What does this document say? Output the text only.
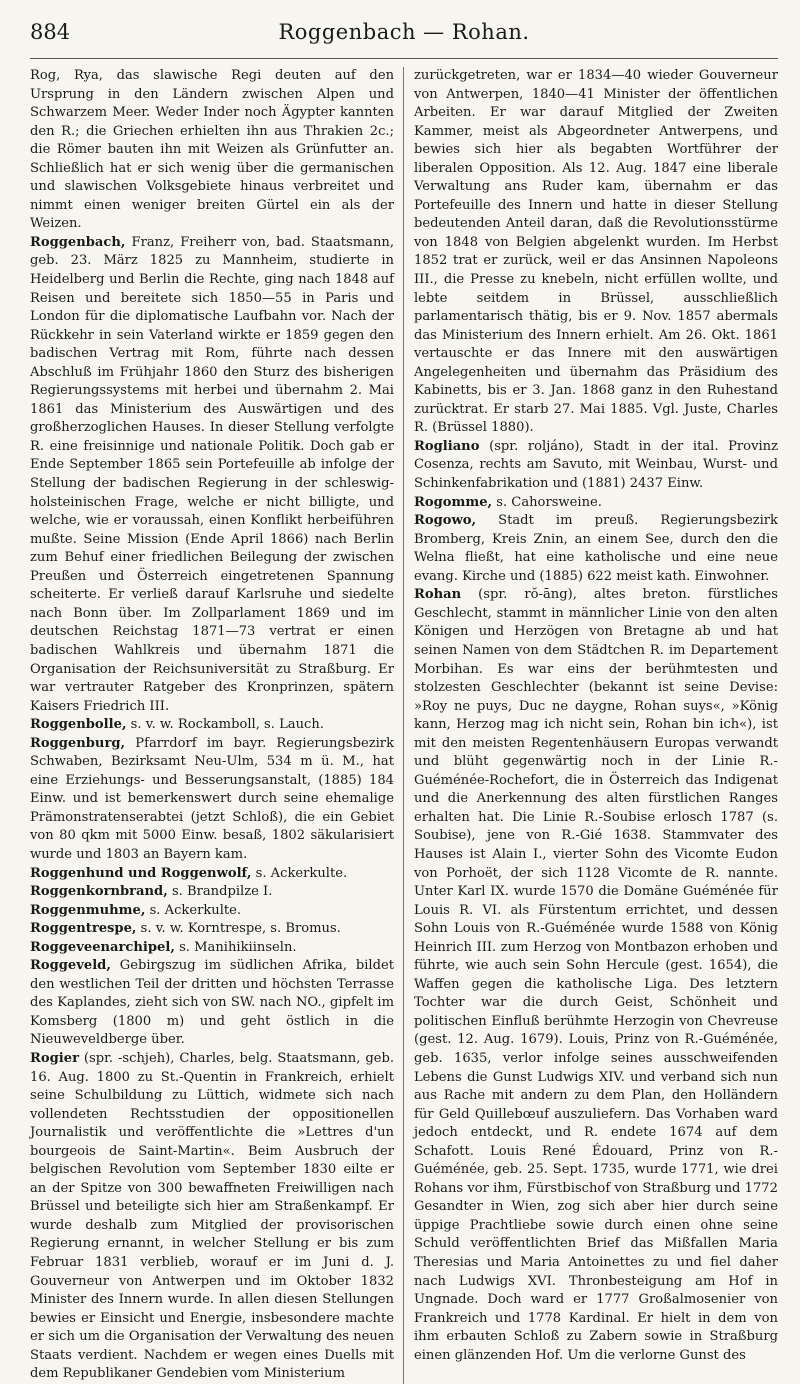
884	Roggenbach — Rohan.

Rog, Rya, das slawische Regi deuten auf den Ursprung in den Ländern zwischen Alpen und Schwarzem Meer. Weder Inder noch Ägypter kannten den R.; die Griechen erhielten ihn aus Thrakien 2c.; die Römer bauten ihn mit Weizen als Grünfutter an. Schließlich hat er sich wenig über die germanischen und slawischen Volksgebiete hinaus verbreitet und nimmt einen weniger breiten Gürtel ein als der Weizen.

Roggenbach, Franz, Freiherr von, bad. Staatsmann, geb. 23. März 1825 zu Mannheim, studierte in Heidelberg und Berlin die Rechte, ging nach 1848 auf Reisen und bereitete sich 1850—55 in Paris und London für die diplomatische Laufbahn vor. Nach der Rückkehr in sein Vaterland wirkte er 1859 gegen den badischen Vertrag mit Rom, führte nach dessen Abschluß im Frühjahr 1860 den Sturz des bisherigen Regierungssystems mit herbei und übernahm 2. Mai 1861 das Ministerium des Auswärtigen und des großherzoglichen Hauses. In dieser Stellung verfolgte R. eine freisinnige und nationale Politik. Doch gab er Ende September 1865 sein Portefeuille ab infolge der Stellung der badischen Regierung in der schleswig-holsteinischen Frage, welche er nicht billigte, und welche, wie er voraussah, einen Konflikt herbeiführen mußte. Seine Mission (Ende April 1866) nach Berlin zum Behuf einer friedlichen Beilegung der zwischen Preußen und Österreich eingetretenen Spannung scheiterte. Er verließ darauf Karlsruhe und siedelte nach Bonn über. Im Zollparlament 1869 und im deutschen Reichstag 1871—73 vertrat er einen badischen Wahlkreis und übernahm 1871 die Organisation der Reichsuniversität zu Straßburg. Er war vertrauter Ratgeber des Kronprinzen, spätern Kaisers Friedrich III.

Roggenbolle, s. v. w. Rockamboll, s. Lauch.

Roggenburg, Pfarrdorf im bayr. Regierungsbezirk Schwaben, Bezirksamt Neu-Ulm, 534 m ü. M., hat eine Erziehungs- und Besserungsanstalt, (1885) 184 Einw. und ist bemerkenswert durch seine ehemalige Prämonstratenserabtei (jetzt Schloß), die ein Gebiet von 80 qkm mit 5000 Einw. besaß, 1802 säkularisiert wurde und 1803 an Bayern kam.

Roggenhund und Roggenwolf, s. Ackerkulte.

Roggenkornbrand, s. Brandpilze I.

Roggenmuhme, s. Ackerkulte.

Roggentrespe, s. v. w. Korntrespe, s. Bromus.

Roggeveenarchipel, s. Manihikiinseln.

Roggeveld, Gebirgszug im südlichen Afrika, bildet den westlichen Teil der dritten und höchsten Terrasse des Kaplandes, zieht sich von SW. nach NO., gipfelt im Komsberg (1800 m) und geht östlich in die Nieuweveldberge über.

Rogier (spr. -schjeh), Charles, belg. Staatsmann, geb. 16. Aug. 1800 zu St.-Quentin in Frankreich, erhielt seine Schulbildung zu Lüttich, widmete sich nach vollendeten Rechtsstudien der oppositionellen Journalistik und veröffentlichte die »Lettres d'un bourgeois de Saint-Martin«. Beim Ausbruch der belgischen Revolution vom September 1830 eilte er an der Spitze von 300 bewaffneten Freiwilligen nach Brüssel und beteiligte sich hier am Straßenkampf. Er wurde deshalb zum Mitglied der provisorischen Regierung ernannt, in welcher Stellung er bis zum Februar 1831 verblieb, worauf er im Juni d. J. Gouverneur von Antwerpen und im Oktober 1832 Minister des Innern wurde. In allen diesen Stellungen bewies er Einsicht und Energie, insbesondere machte er sich um die Organisation der Verwaltung des neuen Staats verdient. Nachdem er wegen eines Duells mit dem Republikaner Gendebien vom Ministerium

zurückgetreten, war er 1834—40 wieder Gouverneur von Antwerpen, 1840—41 Minister der öffentlichen Arbeiten. Er war darauf Mitglied der Zweiten Kammer, meist als Abgeordneter Antwerpens, und bewies sich hier als begabten Wortführer der liberalen Opposition. Als 12. Aug. 1847 eine liberale Verwaltung ans Ruder kam, übernahm er das Portefeuille des Innern und hatte in dieser Stellung bedeutenden Anteil daran, daß die Revolutionsstürme von 1848 von Belgien abgelenkt wurden. Im Herbst 1852 trat er zurück, weil er das Ansinnen Napoleons III., die Presse zu knebeln, nicht erfüllen wollte, und lebte seitdem in Brüssel, ausschließlich parlamentarisch thätig, bis er 9. Nov. 1857 abermals das Ministerium des Innern erhielt. Am 26. Okt. 1861 vertauschte er das Innere mit den auswärtigen Angelegenheiten und übernahm das Präsidium des Kabinetts, bis er 3. Jan. 1868 ganz in den Ruhestand zurücktrat. Er starb 27. Mai 1885. Vgl. Juste, Charles R. (Brüssel 1880).

Rogliano (spr. roljáno), Stadt in der ital. Provinz Cosenza, rechts am Savuto, mit Weinbau, Wurst- und Schinkenfabrikation und (1881) 2437 Einw.

Rogomme, s. Cahorsweine.

Rogowo, Stadt im preuß. Regierungsbezirk Bromberg, Kreis Znin, an einem See, durch den die Welna fließt, hat eine katholische und eine neue evang. Kirche und (1885) 622 meist kath. Einwohner.

Rohan (spr. rŏ-āng), altes breton. fürstliches Geschlecht, stammt in männlicher Linie von den alten Königen und Herzögen von Bretagne ab und hat seinen Namen von dem Städtchen R. im Departement Morbihan. Es war eins der berühmtesten und stolzesten Geschlechter (bekannt ist seine Devise: »Roy ne puys, Duc ne daygne, Rohan suys«, »König kann, Herzog mag ich nicht sein, Rohan bin ich«), ist mit den meisten Regentenhäusern Europas verwandt und blüht gegenwärtig noch in der Linie R.-Guéménée-Rochefort, die in Österreich das Indigenat und die Anerkennung des alten fürstlichen Ranges erhalten hat. Die Linie R.-Soubise erlosch 1787 (s. Soubise), jene von R.-Gié 1638. Stammvater des Hauses ist Alain I., vierter Sohn des Vicomte Eudon von Porhoët, der sich 1128 Vicomte de R. nannte. Unter Karl IX. wurde 1570 die Domäne Guéménée für Louis R. VI. als Fürstentum errichtet, und dessen Sohn Louis von R.-Guéménée wurde 1588 von König Heinrich III. zum Herzog von Montbazon erhoben und führte, wie auch sein Sohn Hercule (gest. 1654), die Waffen gegen die katholische Liga. Des letztern Tochter war die durch Geist, Schönheit und politischen Einfluß berühmte Herzogin von Chevreuse (gest. 12. Aug. 1679). Louis, Prinz von R.-Guéménée, geb. 1635, verlor infolge seines ausschweifenden Lebens die Gunst Ludwigs XIV. und verband sich nun aus Rache mit andern zu dem Plan, den Holländern für Geld Quillebœuf auszuliefern. Das Vorhaben ward jedoch entdeckt, und R. endete 1674 auf dem Schafott. Louis René Édouard, Prinz von R.-Guéménée, geb. 25. Sept. 1735, wurde 1771, wie drei Rohans vor ihm, Fürstbischof von Straßburg und 1772 Gesandter in Wien, zog sich aber hier durch seine üppige Prachtliebe sowie durch einen ohne seine Schuld veröffentlichten Brief das Mißfallen Maria Theresias und Maria Antoinettes zu und fiel daher nach Ludwigs XVI. Thronbesteigung am Hof in Ungnade. Doch ward er 1777 Großalmosenier von Frankreich und 1778 Kardinal. Er hielt in dem von ihm erbauten Schloß zu Zabern sowie in Straßburg einen glänzenden Hof. Um die verlorne Gunst des
